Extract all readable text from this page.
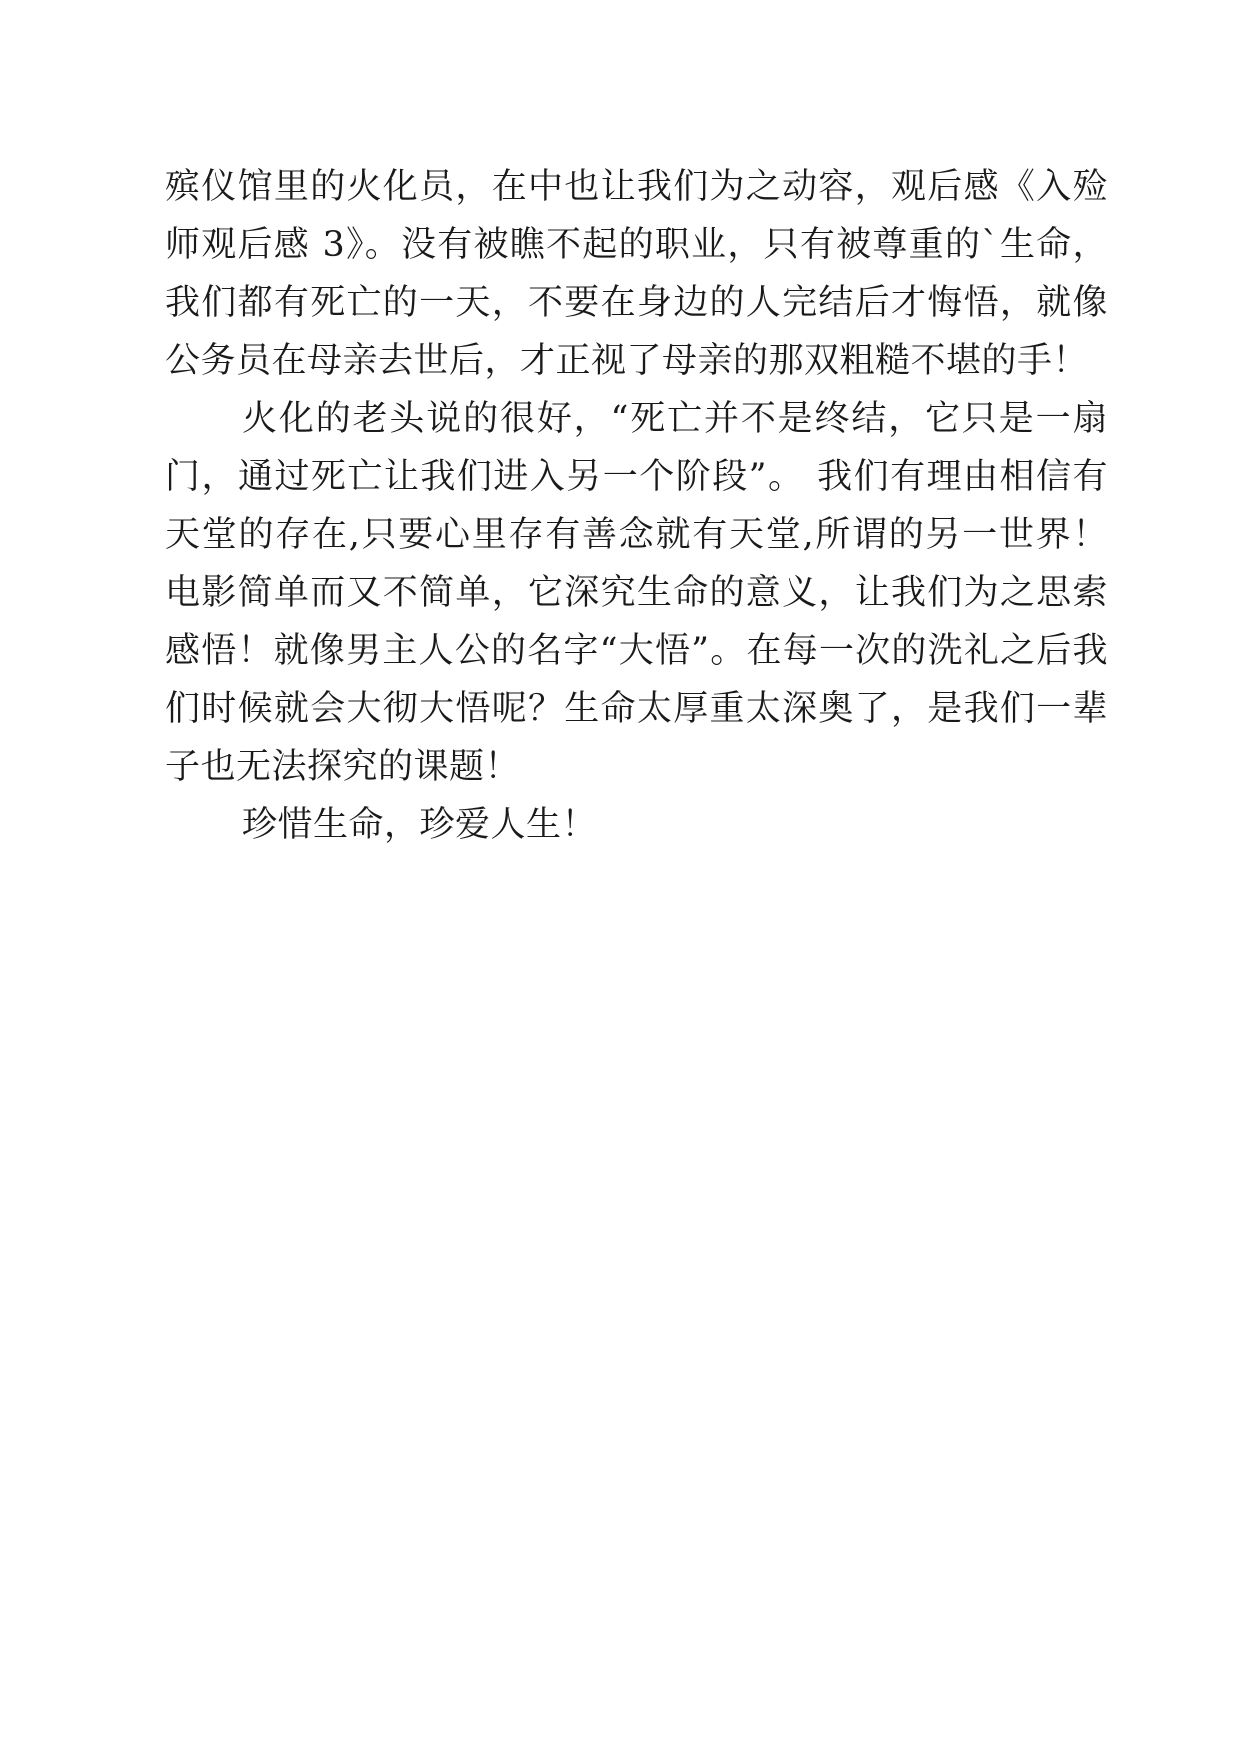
殡仪馆里的火化员，在中也让我们为之动容，观后感《入殓师观后感 3》。没有被瞧不起的职业，只有被尊重的`生命，我们都有死亡的一天，不要在身边的人完结后才悔悟，就像公务员在母亲去世后，才正视了母亲的那双粗糙不堪的手！

火化的老头说的很好，“死亡并不是终结，它只是一扇门，通过死亡让我们进入另一个阶段”。 我们有理由相信有天堂的存在,只要心里存有善念就有天堂,所谓的另一世界！电影简单而又不简单，它深究生命的意义，让我们为之思索感悟！就像男主人公的名字“大悟”。在每一次的洗礼之后我们时候就会大彻大悟呢？生命太厚重太深奥了，是我们一辈子也无法探究的课题！

珍惜生命，珍爱人生！
